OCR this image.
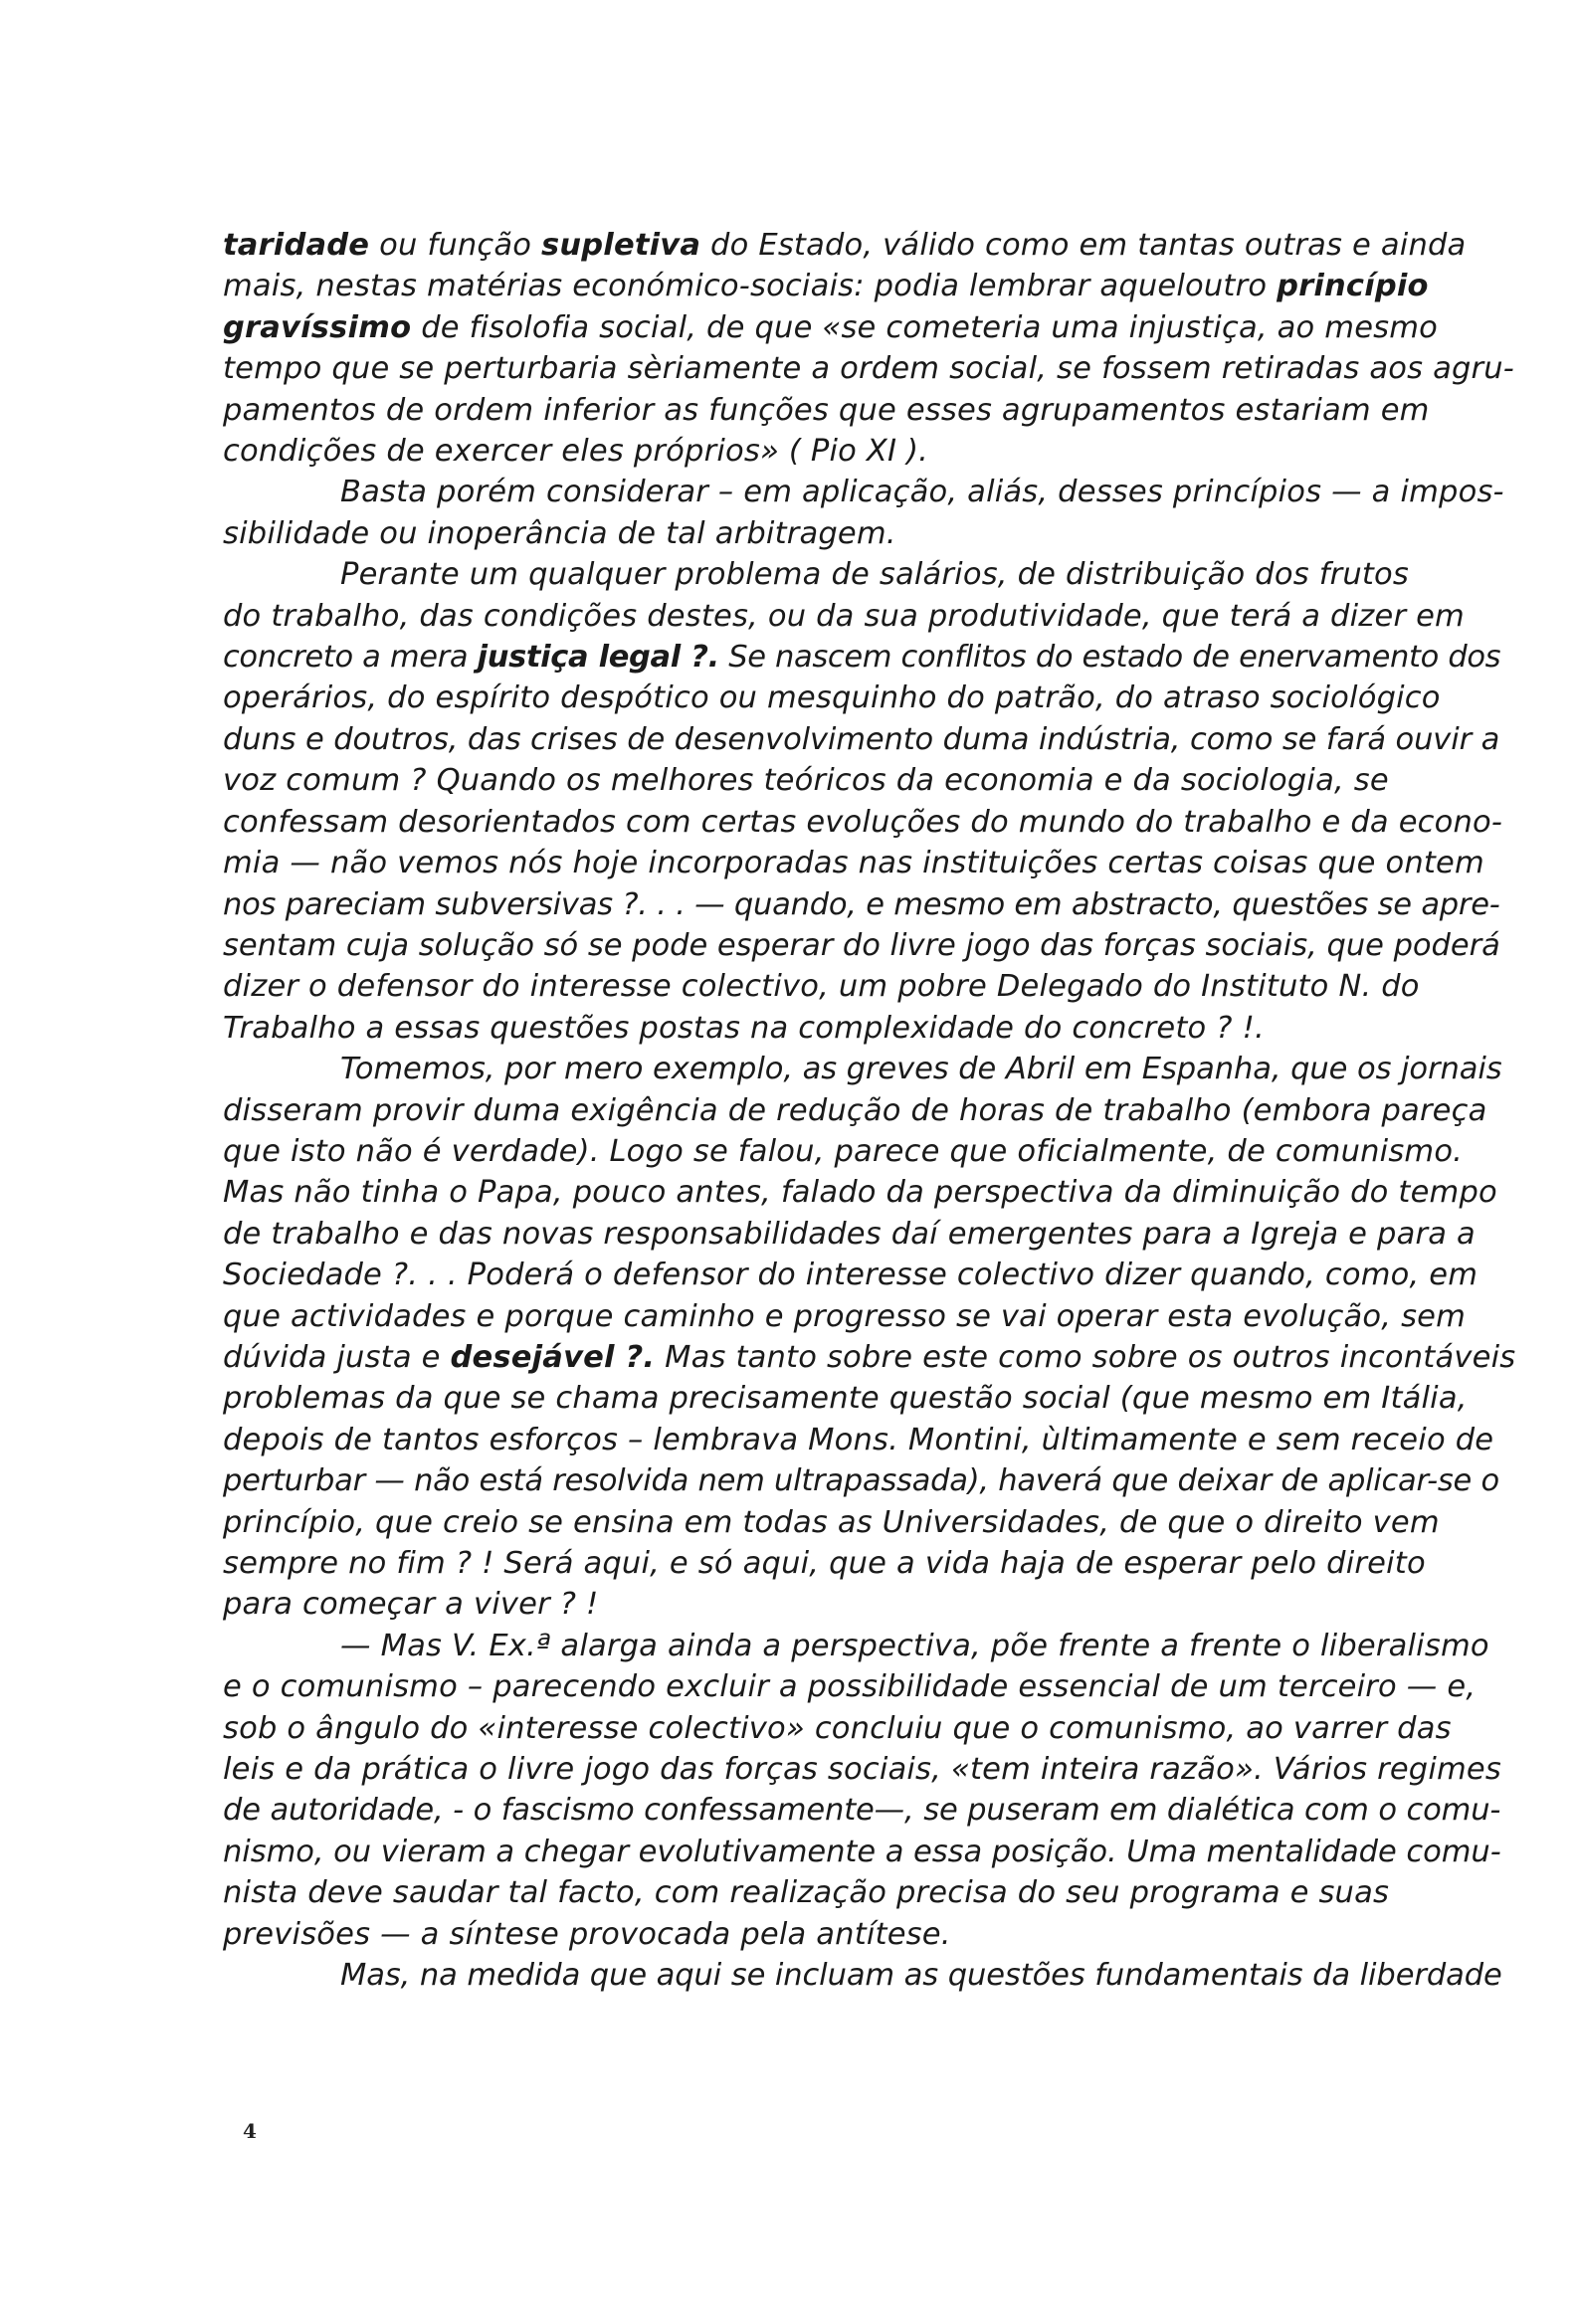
taridade ou função supletiva do Estado, válido como em tantas outras e ainda
mais, nestas matérias económico-sociais: podia lembrar aqueloutro princípio
gravíssimo de fisolofia social, de que «se cometeria uma injustiça, ao mesmo
tempo que se perturbaria sèriamente a ordem social, se fossem retiradas aos agru-
pamentos de ordem inferior as funções que esses agrupamentos estariam em
condições de exercer eles próprios» ( Pio XI ).

Basta porém considerar – em aplicação, aliás, desses princípios — a impos-
sibilidade ou inoperância de tal arbitragem.

Perante um qualquer problema de salários, de distribuição dos frutos
do trabalho, das condições destes, ou da sua produtividade, que terá a dizer em
concreto a mera justiça legal ?. Se nascem conflitos do estado de enervamento dos
operários, do espírito despótico ou mesquinho do patrão, do atraso sociológico
duns e doutros, das crises de desenvolvimento duma indústria, como se fará ouvir a
voz comum ? Quando os melhores teóricos da economia e da sociologia, se
confessam desorientados com certas evoluções do mundo do trabalho e da econo-
mia — não vemos nós hoje incorporadas nas instituições certas coisas que ontem
nos pareciam subversivas ?. . . — quando, e mesmo em abstracto, questões se apre-
sentam cuja solução só se pode esperar do livre jogo das forças sociais, que poderá
dizer o defensor do interesse colectivo, um pobre Delegado do Instituto N. do
Trabalho a essas questões postas na complexidade do concreto ? !.

Tomemos, por mero exemplo, as greves de Abril em Espanha, que os jornais
disseram provir duma exigência de redução de horas de trabalho (embora pareça
que isto não é verdade). Logo se falou, parece que oficialmente, de comunismo.
Mas não tinha o Papa, pouco antes, falado da perspectiva da diminuição do tempo
de trabalho e das novas responsabilidades daí emergentes para a Igreja e para a
Sociedade ?. . . Poderá o defensor do interesse colectivo dizer quando, como, em
que actividades e porque caminho e progresso se vai operar esta evolução, sem
dúvida justa e desejável ?. Mas tanto sobre este como sobre os outros incontáveis
problemas da que se chama precisamente questão social (que mesmo em Itália,
depois de tantos esforços – lembrava Mons. Montini, ùltimamente e sem receio de
perturbar — não está resolvida nem ultrapassada), haverá que deixar de aplicar-se o
princípio, que creio se ensina em todas as Universidades, de que o direito vem
sempre no fim ? ! Será aqui, e só aqui, que a vida haja de esperar pelo direito
para começar a viver ? !

— Mas V. Ex.ª alarga ainda a perspectiva, põe frente a frente o liberalismo
e o comunismo – parecendo excluir a possibilidade essencial de um terceiro — e,
sob o ângulo do «interesse colectivo» concluiu que o comunismo, ao varrer das
leis e da prática o livre jogo das forças sociais, «tem inteira razão». Vários regimes
de autoridade, - o fascismo confessamente—, se puseram em dialética com o comu-
nismo, ou vieram a chegar evolutivamente a essa posição. Uma mentalidade comu-
nista deve saudar tal facto, com realização precisa do seu programa e suas
previsões — a síntese provocada pela antítese.

Mas, na medida que aqui se incluam as questões fundamentais da liberdade

4
